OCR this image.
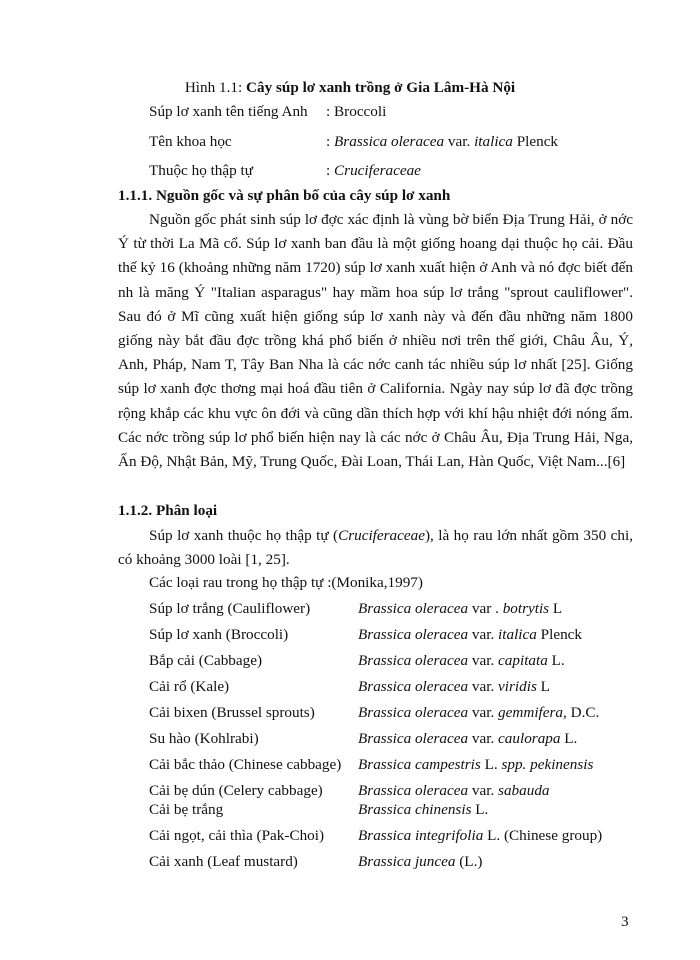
Hình 1.1: Cây súp lơ xanh trồng ở Gia Lâm-Hà Nội
Súp lơ xanh tên tiếng Anh : Broccoli
Tên khoa học	: Brassica oleracea var. italica Plenck
Thuộc họ thập tự	: Cruciferaceae
1.1.1. Nguồn gốc và sự phân bố của cây súp lơ xanh

Nguồn gốc phát sinh súp lơ đợc xác định là vùng bờ biển Địa Trung Hải, ở nớc Ý từ thời La Mã cổ. Súp lơ xanh ban đầu là một giống hoang dại thuộc họ cải. Đầu thế kỷ 16 (khoảng những năm 1720) súp lơ xanh xuất hiện ở Anh và nó đợc biết đến nh là măng Ý "Italian asparagus" hay mầm hoa súp lơ trắng "sprout cauliflower". Sau đó ở Mĩ cũng xuất hiện giống súp lơ xanh này và đến đầu những năm 1800 giống này bắt đầu đợc trồng khá phổ biến ở nhiều nơi trên thế giới, Châu Âu, Ý, Anh, Pháp, Nam T, Tây Ban Nha là các nớc canh tác nhiều súp lơ nhất [25]. Giống súp lơ xanh đợc thơng mại hoá đầu tiên ở California. Ngày nay súp lơ đã đợc trồng rộng khắp các khu vực ôn đới và cũng dần thích hợp với khí hậu nhiệt đới nóng ẩm. Các nớc trồng súp lơ phổ biến hiện nay là các nớc ở Châu Âu, Địa Trung Hải, Nga, Ấn Độ, Nhật Bản, Mỹ, Trung Quốc, Đài Loan, Thái Lan, Hàn Quốc, Việt Nam...[6]

1.1.2. Phân loại

Súp lơ xanh thuộc họ thập tự (Cruciferaceae), là họ rau lớn nhất gồm 350 chi, có khoảng 3000 loài [1, 25].

Các loại rau trong họ thập tự :(Monika,1997)
Súp lơ trắng (Cauliflower)	Brassica oleracea var . botrytis L
Súp lơ xanh (Broccoli)	Brassica oleracea var. italica Plenck
Bắp cải (Cabbage)	Brassica oleracea var. capitata L.
Cải rổ (Kale)	Brassica oleracea var. viridis L
Cải bixen (Brussel sprouts)	Brassica oleracea var. gemmifera, D.C.
Su hào (Kohlrabi)	Brassica oleracea var. caulorapa L.
Cải bắc thảo (Chinese cabbage) Brassica campestris L. spp. pekinensis
Cải bẹ dún (Celery cabbage) Brassica oleracea var. sabauda
Cải bẹ trắng	Brassica chinensis L.
Cải ngọt, cải thìa (Pak-Choi) Brassica integrifolia L. (Chinese group)
Cải xanh (Leaf mustard)	Brassica juncea (L.)
3
